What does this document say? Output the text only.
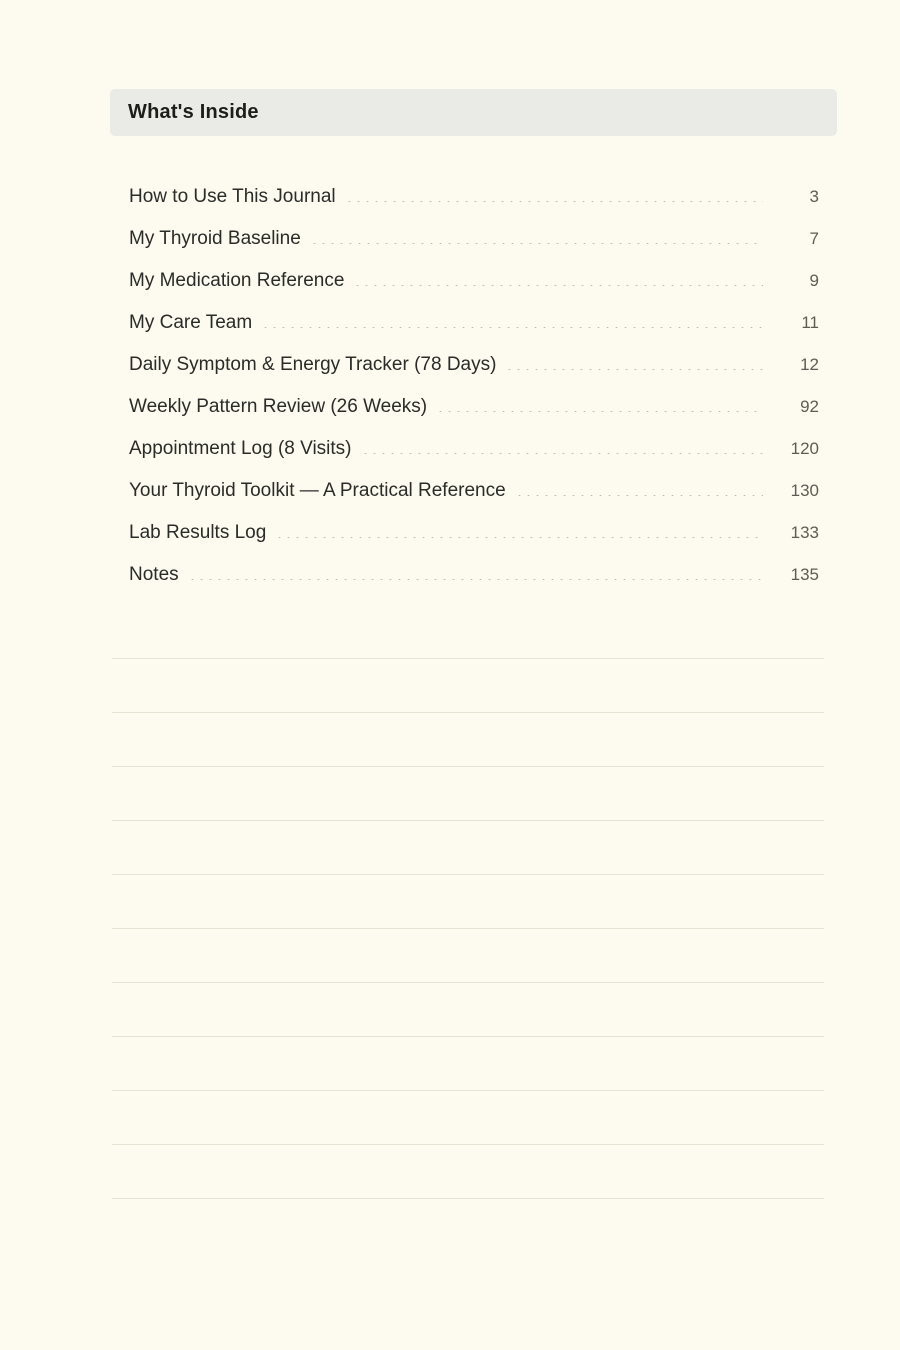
What's Inside
How to Use This Journal	3
My Thyroid Baseline	7
My Medication Reference	9
My Care Team	11
Daily Symptom & Energy Tracker (78 Days)	12
Weekly Pattern Review (26 Weeks)	92
Appointment Log (8 Visits)	120
Your Thyroid Toolkit — A Practical Reference	130
Lab Results Log	133
Notes	135
